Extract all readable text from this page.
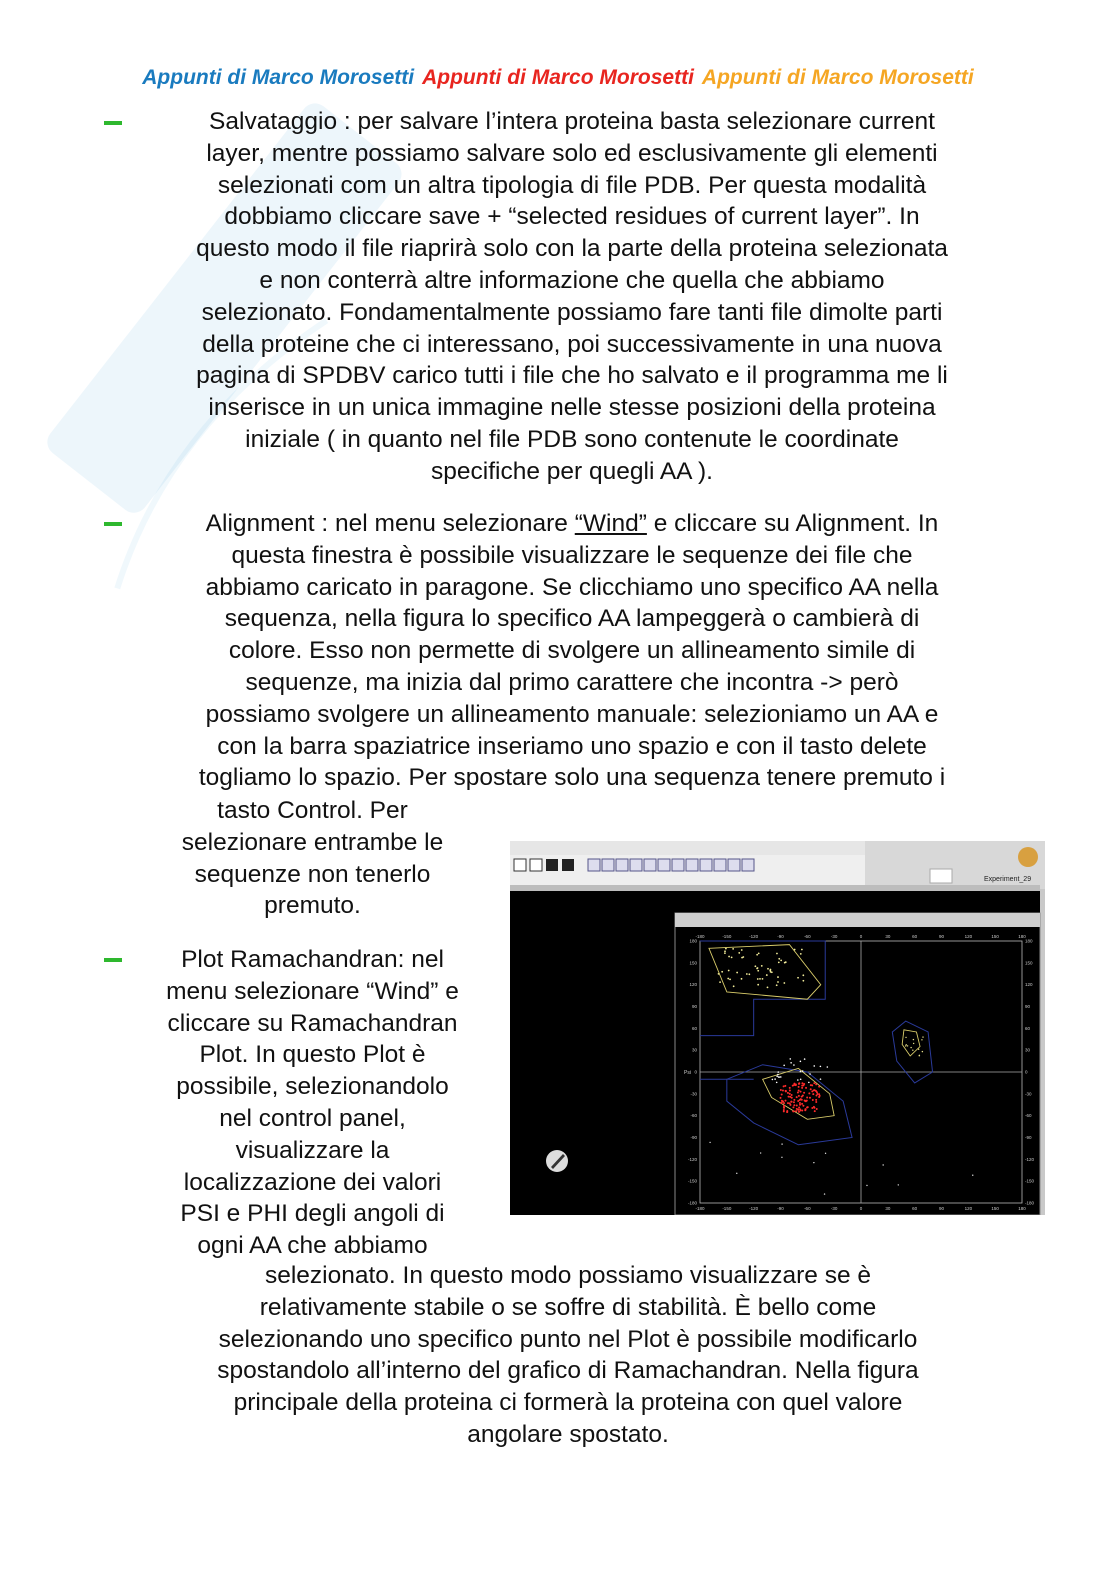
Appunti di Marco Morosetti Appunti di Marco Morosetti Appunti di Marco Morosetti
Salvataggio : per salvare l’intera proteina basta selezionare current
layer, mentre possiamo salvare solo ed esclusivamente gli elementi
selezionati com un altra tipologia di file PDB. Per questa modalità
dobbiamo cliccare save + “selected residues of current layer”. In
questo modo il file riaprirà solo con la parte della proteina selezionata
e non conterrà altre informazione che quella che abbiamo
selezionato. Fondamentalmente possiamo fare tanti file dimolte parti
della proteine che ci interessano, poi successivamente in una nuova
pagina di SPDBV carico tutti i file che ho salvato e il programma me li
inserisce in un unica immagine nelle stesse posizioni della proteina
iniziale ( in quanto nel file PDB sono contenute le coordinate
specifiche per quegli AA ).
Alignment : nel menu selezionare “Wind” e cliccare su Alignment. In
questa finestra è possibile visualizzare le sequenze dei file che
abbiamo caricato in paragone. Se clicchiamo uno specifico AA nella
sequenza, nella figura lo specifico AA lampeggerà o cambierà di
colore. Esso non permette di svolgere un allineamento simile di
sequenze, ma inizia dal primo carattere che incontra -> però
possiamo svolgere un allineamento manuale: selezioniamo un AA e
con la barra spaziatrice inseriamo uno spazio e con il tasto delete
togliamo lo spazio. Per spostare solo una sequenza tenere premuto i
tasto Control. Per
selezionare entrambe le
sequenze non tenerlo
premuto.
Plot Ramachandran: nel
menu selezionare “Wind” e
cliccare su Ramachandran
Plot. In questo Plot è
possibile, selezionandolo
nel control panel,
visualizzare la
localizzazione dei valori
PSI e PHI degli angoli di
ogni AA che abbiamo
selezionato. In questo modo possiamo visualizzare se è
relativamente stabile o se soffre di stabilità. È bello come
selezionando uno specifico punto nel Plot è possibile modificarlo
spostandolo all’interno del grafico di Ramachandran. Nella figura
principale della proteina ci formerà la proteina con quel valore
angolare spostato.
Experiment_29
-180
-180
-150
-150
-120
-120
-90
-90
-60
-60
-30
-30
0
0
30
30
60
60
90
90
120
120
150
150
180
180
180	180
150	150
120	120
90	90
60	60
30	30
0	0
-30	-30
-60	-60
-90	-90
-120	-120
-150	-150
-180	-180
Psi
